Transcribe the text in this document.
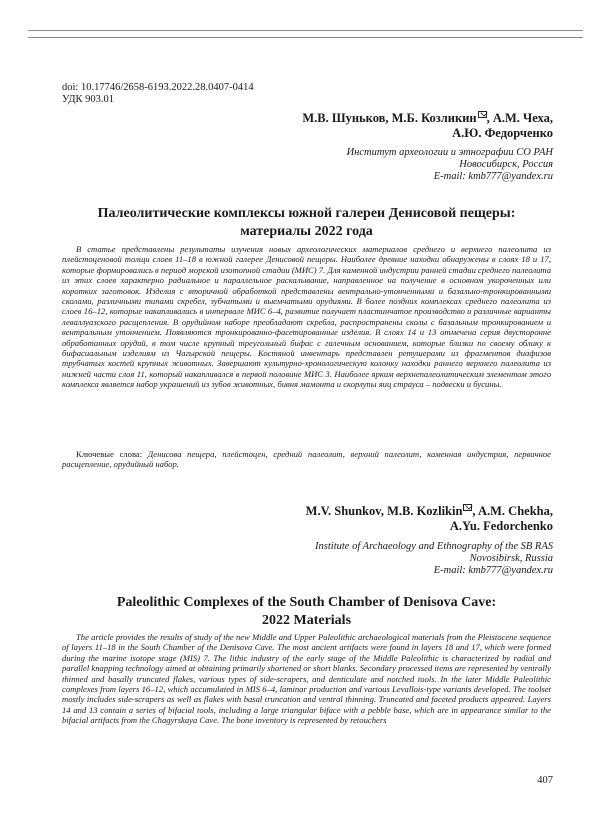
doi: 10.17746/2658-6193.2022.28.0407-0414
УДК 903.01
М.В. Шуньков, М.Б. Козликин , А.М. Чеха,
А.Ю. Федорченко
Институт археологии и этнографии СО РАН
Новосибирск, Россия
E-mail: kmb777@yandex.ru
Палеолитические комплексы южной галереи Денисовой пещеры:
материалы 2022 года

В статье представлены результаты изучения новых археологических материалов среднего и верхнего палеолита из плейстоценовой толщи слоев 11–18 в южной галерее Денисовой пещеры. Наиболее древние находки обнаружены в слоях 18 и 17, которые формировались в период морской изотопной стадии (МИС) 7. Для каменной индустрии ранней стадии среднего палеолита из этих слоев характерно радиальное и параллельное раскалывание, направленное на получение в основном укороченных или коротких заготовок. Изделия с вторичной обработкой представлены вентрально-утонченными и базально-тронкированными сколами, различными типами скребел, зубчатыми и выемчатыми орудиями. В более поздних комплексах среднего палеолита из слоев 16–12, которые накапливались в интервале МИС 6–4, развитие получает пластинчатое производство и различные варианты леваллуазского расщепления. В орудийном наборе преобладают скребла, распространены сколы с базальным тронкированием и вентральным утончением. Появляются тронкированно-фасетированные изделия. В слоях 14 и 13 отмечена серия двусторонне обработанных орудий, в том числе крупный треугольный бифас с галечным основанием, которые близки по своему облику к бифасиальным изделиям из Чагырской пещеры. Костяной инвентарь представлен ретушерами из фрагментов диафизов трубчатых костей крупных животных. Завершают культурно-хронологическую колонку находки раннего верхнего палеолита из нижней части слоя 11, который накапливался в первой половине МИС 3. Наиболее ярким верхнепалеолитическим элементом этого комплекса является набор украшений из зубов животных, бивня мамонта и скорлупы яиц страуса – подвески и бусины.

Ключевые слова: Денисова пещера, плейстоцен, средний палеолит, верхний палеолит, каменная индустрия, первичное расщепление, орудийный набор.

M.V. Shunkov, M.B. Kozlikin , A.M. Chekha,
A.Yu. Fedorchenko
Institute of Archaeology and Ethnography of the SB RAS
Novosibirsk, Russia
E-mail: kmb777@yandex.ru
Paleolithic Complexes of the South Chamber of Denisova Cave:
2022 Materials

The article provides the results of study of the new Middle and Upper Paleolithic archaeological materials from the Pleistocene sequence of layers 11–18 in the South Chamber of the Denisova Cave. The most ancient artifacts were found in layers 18 and 17, which were formed during the marine isotope stage (MIS) 7. The lithic industry of the early stage of the Middle Paleolithic is characterized by radial and parallel knapping technology aimed at obtaining primarily shortened or short blanks. Secondary processed items are represented by ventrally thinned and basally truncated flakes, various types of side-scrapers, and denticulate and notched tools. In the later Middle Paleolithic complexes from layers 16–12, which accumulated in MIS 6–4, laminar production and various Levallois-type variants developed. The toolset mostly includes side-scrapers as well as flakes with basal truncation and ventral thinning. Truncated and faceted products appeared. Layers 14 and 13 contain a series of bifacial tools, including a large triangular biface with a pebble base, which are in appearance similar to the bifacial artifacts from the Chagyrskaya Cave. The bone inventory is represented by retouchers

407
